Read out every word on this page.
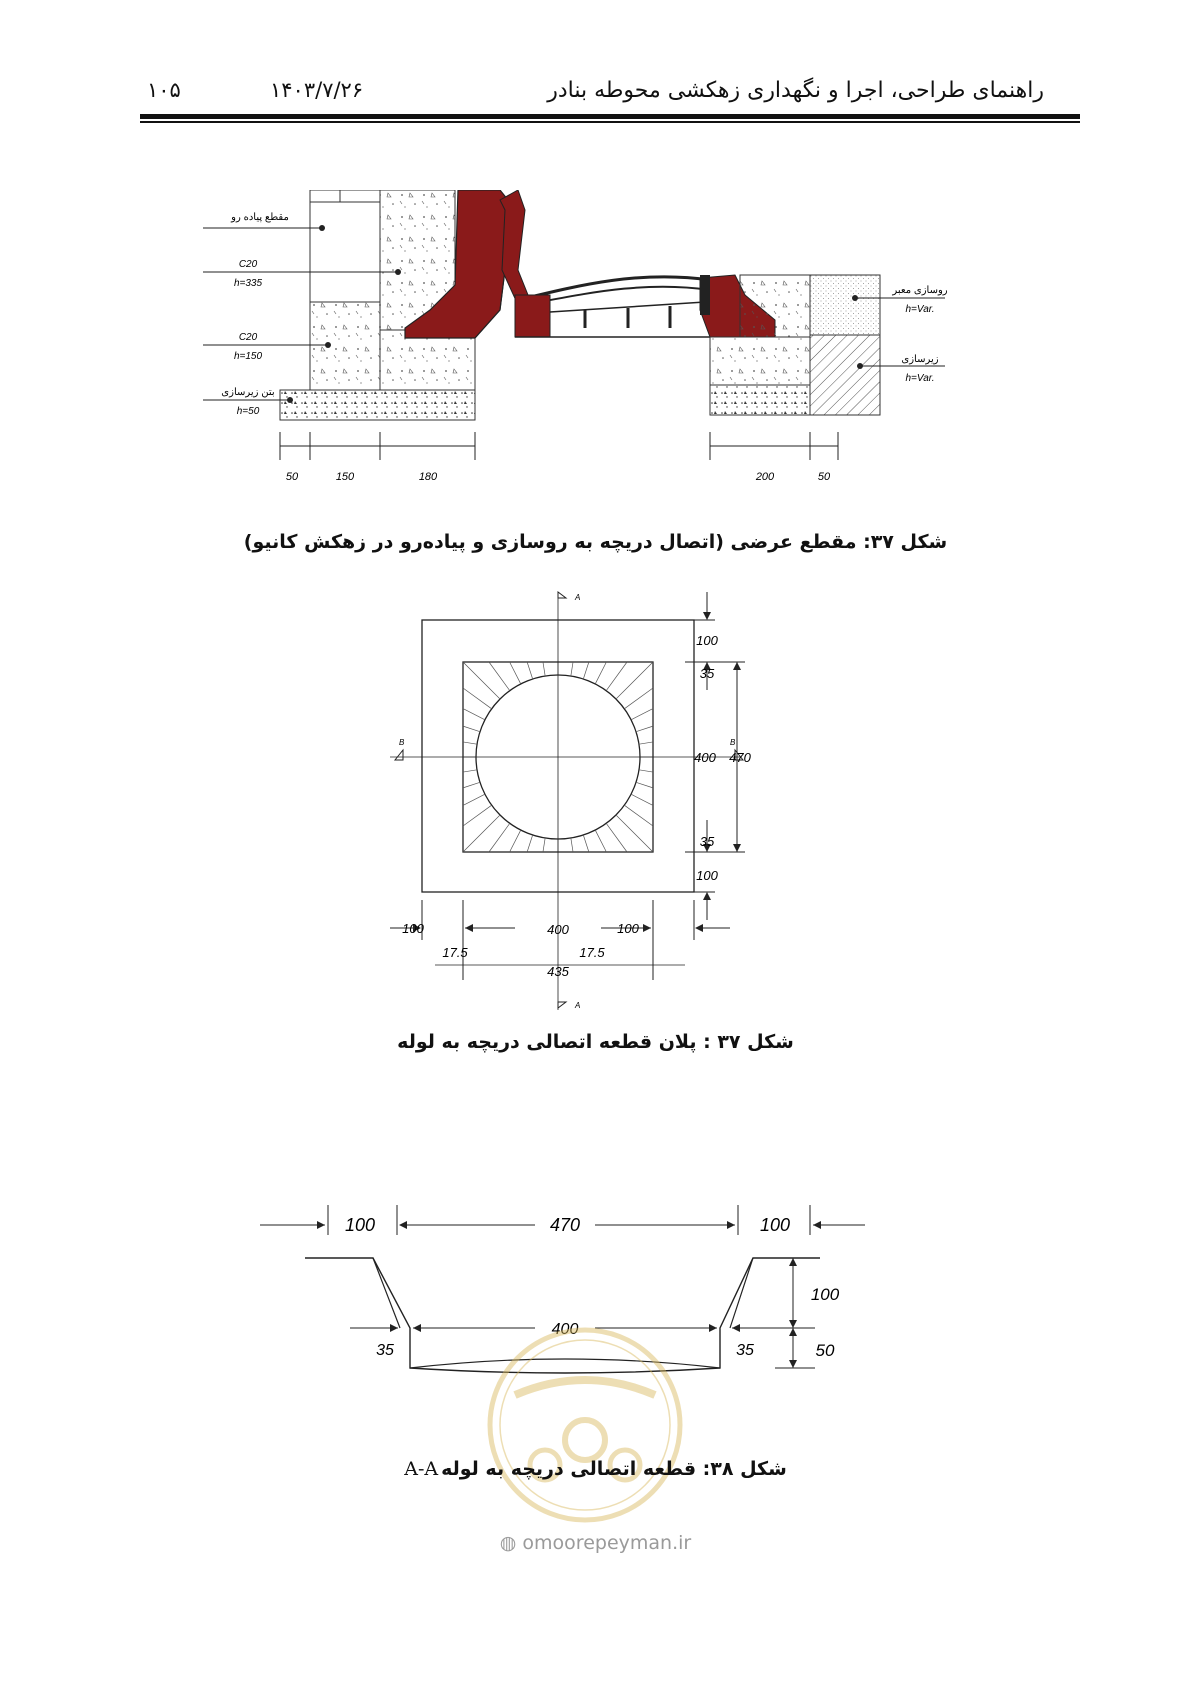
راهنمای طراحی، اجرا و نگهداری زهکشی محوطه بنادر
۱۴۰۳/۷/۲۶
۱۰۵
مقطع پیاده رو
C20
h=335
C20
h=150
بتن زیرسازی
h=50
روسازی معبر
h=Var.
زیرسازی
h=Var.
50	150	180	200	50
شکل ۳۷: مقطع عرضی (اتصال دریچه به روسازی و پیاده‌رو در زهکش کانیو)
A
A
B	B
100
35
400 470
35
100
100	400	100
17.5	17.5
435
شکل ۳۷ : پلان قطعه اتصالی دریچه به لوله
100	470	100
400
35	35
100
50
شکل ۳۸: قطعه اتصالی دریچه به لولهA-A
◍ omoorepeyman.ir
